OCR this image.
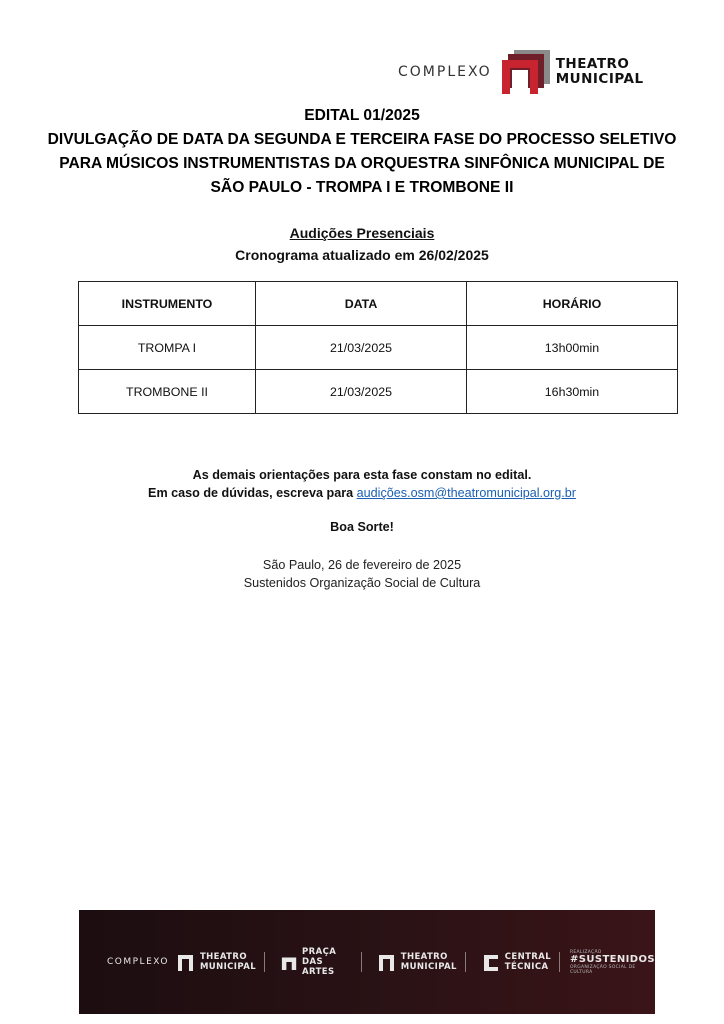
COMPLEXO	THEATRO
MUNICIPAL
EDITAL 01/2025
DIVULGAÇÃO DE DATA DA SEGUNDA E TERCEIRA FASE DO PROCESSO SELETIVO
PARA MÚSICOS INSTRUMENTISTAS DA ORQUESTRA SINFÔNICA MUNICIPAL DE
SÃO PAULO - TROMPA I E TROMBONE II
Audições Presenciais
Cronograma atualizado em 26/02/2025
INSTRUMENTO	DATA	HORÁRIO
TROMPA I	21/03/2025	13h00min
TROMBONE II	21/03/2025	16h30min
As demais orientações para esta fase constam no edital.
Em caso de dúvidas, escreva para audições.osm@theatromunicipal.org.br
Boa Sorte!
São Paulo, 26 de fevereiro de 2025
Sustenidos Organização Social de Cultura
COMPLEXO	THEATRO
MUNICIPAL
PRAÇA
DAS ARTES
THEATRO
MUNICIPAL
CENTRAL
TÉCNICA
REALIZAÇÃO
#SUSTENIDOS
ORGANIZAÇÃO SOCIAL DE CULTURA
